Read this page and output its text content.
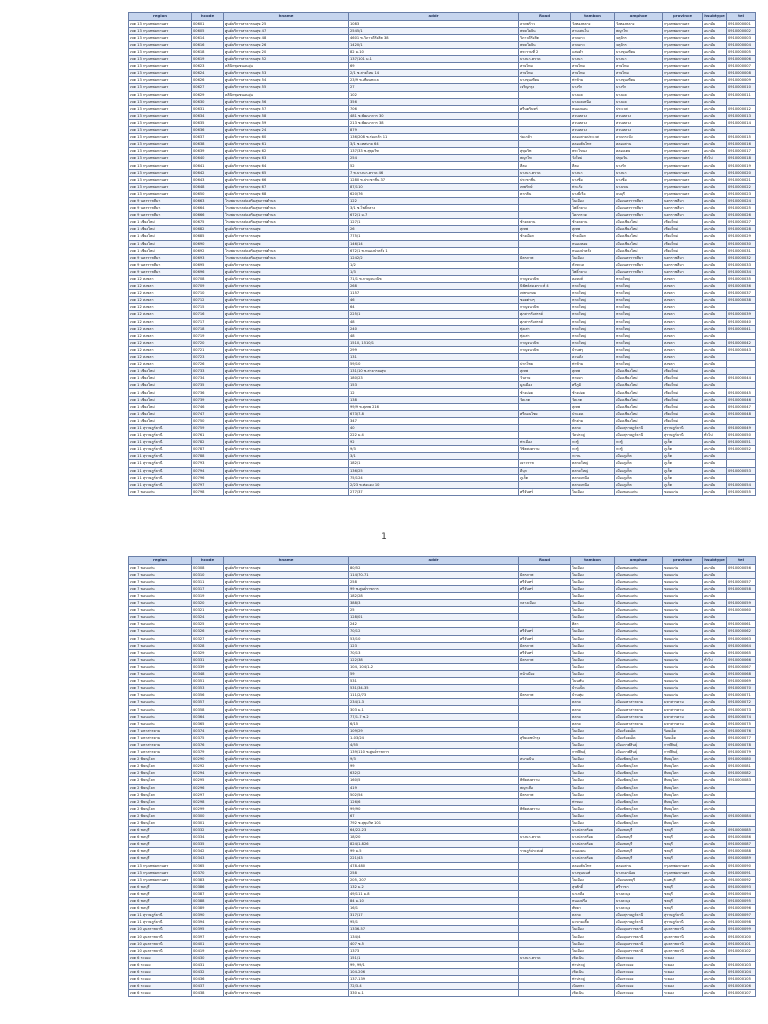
region	hcode	hname	addr	Road	tambon	amphoe	province	hsubtype	tel
เขต 13 กรุงเทพมหานคร	00601	ศูนย์บริการสาธารณสุข 25	1083	ลาดพร้าว	วังทองหลาง	วังทองหลาง	กรุงเทพมหานคร	อนามัย	0910000001
เขต 13 กรุงเทพมหานคร	00605	ศูนย์บริการสาธารณสุข 47	2545/1	พหลโยธิน	สามเสนใน	พญาไท	กรุงเทพมหานคร	อนามัย	0910000002
เขต 13 กรุงเทพมหานคร	00614	ศูนย์บริการสาธารณสุข 48	4601 ซ.วิภาวดีรังสิต 38	วิภาวดีรังสิต	ลาดยาว	จตุจักร	กรุงเทพมหานคร	อนามัย	0910000003
เขต 13 กรุงเทพมหานคร	00616	ศูนย์บริการสาธารณสุข 26	1420/1	พหลโยธิน	ลาดยาว	จตุจักร	กรุงเทพมหานคร	อนามัย	0910000004
เขต 13 กรุงเทพมหานคร	00618	ศูนย์บริการสาธารณสุข 20	82 ม.10	พระรามที่ 2	แสมดำ	บางขุนเทียน	กรุงเทพมหานคร	อนามัย	0910000005
เขต 13 กรุงเทพมหานคร	00619	ศูนย์บริการสาธารณสุข 52	137/101 ม.1	บางนา-ตราด	บางนา	บางนา	กรุงเทพมหานคร	อนามัย	0910000006
เขต 13 กรุงเทพมหานคร	00623	คลินิกชุมชนอบอุ่น	69	สายไหม	สายไหม	สายไหม	กรุงเทพมหานคร	อนามัย	0910000007
เขต 13 กรุงเทพมหานคร	00624	ศูนย์บริการสาธารณสุข 53	2/1 ซ.สายไหม 14	สายไหม	สายไหม	สายไหม	กรุงเทพมหานคร	อนามัย	0910000008
เขต 13 กรุงเทพมหานคร	00626	ศูนย์บริการสาธารณสุข 54	23/9 ซ.เทียนทะเล	บางขุนเทียน	ท่าข้าม	บางขุนเทียน	กรุงเทพมหานคร	อนามัย	0910000009
เขต 13 กรุงเทพมหานคร	00627	ศูนย์บริการสาธารณสุข 55	27	เจริญกรุง	บางรัก	บางรัก	กรุงเทพมหานคร	อนามัย	0910000010
เขต 13 กรุงเทพมหานคร	00629	คลินิกชุมชนอบอุ่น	102		บางแค	บางแค	กรุงเทพมหานคร	อนามัย	0910000011
เขต 13 กรุงเทพมหานคร	00630	ศูนย์บริการสาธารณสุข 56	356		บางแคเหนือ	บางแค	กรุงเทพมหานคร	อนามัย	
เขต 13 กรุงเทพมหานคร	00631	ศูนย์บริการสาธารณสุข 57	706	ศรีนครินทร์	หนองบอน	ประเวศ	กรุงเทพมหานคร	อนามัย	0910000012
เขต 13 กรุงเทพมหานคร	00634	ศูนย์บริการสาธารณสุข 58	481 ซ.พัฒนาการ 30		สวนหลวง	สวนหลวง	กรุงเทพมหานคร	อนามัย	0910000013
เขต 13 กรุงเทพมหานคร	00635	ศูนย์บริการสาธารณสุข 59	213 ซ.พัฒนาการ 38		สวนหลวง	สวนหลวง	กรุงเทพมหานคร	อนามัย	0910000014
เขต 13 กรุงเทพมหานคร	00636	ศูนย์บริการสาธารณสุข 24	879		สวนหลวง	สวนหลวง	กรุงเทพมหานคร	อนามัย	
เขต 13 กรุงเทพมหานคร	00637	ศูนย์บริการสาธารณสุข 60	136/208 ซ.ร่มเกล้า 11	ร่มเกล้า	คลองสามประเวศ	ลาดกระบัง	กรุงเทพมหานคร	อนามัย	0910000015
เขต 13 กรุงเทพมหานคร	00638	ศูนย์บริการสาธารณสุข 61	3/1 ซ.เทศบาล 64		คลองต้นไทร	คลองสาน	กรุงเทพมหานคร	อนามัย	0910000016
เขต 13 กรุงเทพมหานคร	00639	ศูนย์บริการสาธารณสุข 62	137/33 ซ.สุขุมวิท	สุขุมวิท	พระโขนง	คลองเตย	กรุงเทพมหานคร	อนามัย	0910000017
เขต 13 กรุงเทพมหานคร	00640	ศูนย์บริการสาธารณสุข 63	254	พญาไท	วังใหม่	ปทุมวัน	กรุงเทพมหานคร	ทั่วไป	0910000018
เขต 13 กรุงเทพมหานคร	00641	ศูนย์บริการสาธารณสุข 64	52	สีลม	สีลม	บางรัก	กรุงเทพมหานคร	อนามัย	0910000019
เขต 13 กรุงเทพมหานคร	00642	ศูนย์บริการสาธารณสุข 65	7 ซ.บางนา-ตราด 46	บางนา-ตราด	บางนา	บางนา	กรุงเทพมหานคร	อนามัย	0910000020
เขต 13 กรุงเทพมหานคร	00643	ศูนย์บริการสาธารณสุข 66	1280 ซ.ประชาชื่น 37	ประชาชื่น	บางซื่อ	บางซื่อ	กรุงเทพมหานคร	อนามัย	0910000021
เขต 13 กรุงเทพมหานคร	00648	ศูนย์บริการสาธารณสุข 67	87/110	เทพรักษ์	ท่าแร้ง	บางเขน	กรุงเทพมหานคร	อนามัย	0910000022
เขต 13 กรุงเทพมหานคร	00650	ศูนย์บริการสาธารณสุข 68	620/76	ตากสิน	บางยี่เรือ	ธนบุรี	กรุงเทพมหานคร	อนามัย	0910000023
เขต 9 นครราชสีมา	00663	โรงพยาบาลส่งเสริมสุขภาพตำบล	122		ในเมือง	เมืองนครราชสีมา	นครราชสีมา	อนามัย	0910000024
เขต 9 นครราชสีมา	00664	โรงพยาบาลส่งเสริมสุขภาพตำบล	3/1 ซ.โพธิ์กลาง		โพธิ์กลาง	เมืองนครราชสีมา	นครราชสีมา	อนามัย	0910000025
เขต 9 นครราชสีมา	00666	โรงพยาบาลส่งเสริมสุขภาพตำบล	672/1 ม.7		โคกกรวด	เมืองนครราชสีมา	นครราชสีมา	อนามัย	0910000026
เขต 1 เชียงใหม่	00675	โรงพยาบาลส่งเสริมสุขภาพตำบล	127/1	ช้างคลาน	ช้างคลาน	เมืองเชียงใหม่	เชียงใหม่	อนามัย	0910000027
เขต 1 เชียงใหม่	00682	ศูนย์บริการสาธารณสุข	26	สุเทพ	สุเทพ	เมืองเชียงใหม่	เชียงใหม่	อนามัย	0910000028
เขต 1 เชียงใหม่	00685	ศูนย์บริการสาธารณสุข	775/1	ช้างเผือก	ช้างเผือก	เมืองเชียงใหม่	เชียงใหม่	อนามัย	0910000029
เขต 1 เชียงใหม่	00690	ศูนย์บริการสาธารณสุข	146/14		หนองหอย	เมืองเชียงใหม่	เชียงใหม่	อนามัย	0910000030
เขต 1 เชียงใหม่	00692	โรงพยาบาลส่งเสริมสุขภาพตำบล	672/1 ซ.หนองป่าครั่ง 1		หนองป่าครั่ง	เมืองเชียงใหม่	เชียงใหม่	อนามัย	0910000031
เขต 9 นครราชสีมา	00693	โรงพยาบาลส่งเสริมสุขภาพตำบล	1242/2	มิตรภาพ	ในเมือง	เมืองนครราชสีมา	นครราชสีมา	อนามัย	0910000032
เขต 9 นครราชสีมา	00695	ศูนย์บริการสาธารณสุข	1/2		หัวทะเล	เมืองนครราชสีมา	นครราชสีมา	อนามัย	0910000033
เขต 9 นครราชสีมา	00696	ศูนย์บริการสาธารณสุข	1/3		โพธิ์กลาง	เมืองนครราชสีมา	นครราชสีมา	อนามัย	0910000034
เขต 12 สงขลา	00708	ศูนย์บริการสาธารณสุข	71/1 ซ.กาญจนวนิช	กาญจนวนิช	คอหงส์	หาดใหญ่	สงขลา	อนามัย	0910000035
เขต 12 สงขลา	00709	ศูนย์บริการสาธารณสุข	268	นิพัทธ์สงเคราะห์ 4	หาดใหญ่	หาดใหญ่	สงขลา	อนามัย	0910000036
เขต 12 สงขลา	00710	ศูนย์บริการสาธารณสุข	1157	เพชรเกษม	หาดใหญ่	หาดใหญ่	สงขลา	อนามัย	0910000037
เขต 12 สงขลา	00712	ศูนย์บริการสาธารณสุข	46	ซอยต่างๆ	หาดใหญ่	หาดใหญ่	สงขลา	อนามัย	0910000038
เขต 12 สงขลา	00715	ศูนย์บริการสาธารณสุข	64	กาญจนวนิช	หาดใหญ่	หาดใหญ่	สงขลา	อนามัย	
เขต 12 สงขลา	00716	ศูนย์บริการสาธารณสุข	225/1	ศุภสารรังสรรค์	หาดใหญ่	หาดใหญ่	สงขลา	อนามัย	0910000039
เขต 12 สงขลา	00717	ศูนย์บริการสาธารณสุข	48	ศุภสารรังสรรค์	หาดใหญ่	หาดใหญ่	สงขลา	อนามัย	0910000040
เขต 12 สงขลา	00718	ศูนย์บริการสาธารณสุข	240	ทุ่งเสา	หาดใหญ่	หาดใหญ่	สงขลา	อนามัย	0910000041
เขต 12 สงขลา	00719	ศูนย์บริการสาธารณสุข	48	ทุ่งเสา	หาดใหญ่	หาดใหญ่	สงขลา	อนามัย	
เขต 12 สงขลา	00720	ศูนย์บริการสาธารณสุข	1510, 1510/1	กาญจนวนิช	หาดใหญ่	หาดใหญ่	สงขลา	อนามัย	0910000042
เขต 12 สงขลา	00721	ศูนย์บริการสาธารณสุข	299	กาญจนวนิช	บ้านพรุ	หาดใหญ่	สงขลา	อนามัย	0910000043
เขต 12 สงขลา	00723	ศูนย์บริการสาธารณสุข	131		ควนลัง	หาดใหญ่	สงขลา	อนามัย	
เขต 12 สงขลา	00726	ศูนย์บริการสาธารณสุข	59/10	ปากโซย	ท่าข้าม	หาดใหญ่	สงขลา	อนามัย	
เขต 1 เชียงใหม่	00733	ศูนย์บริการสาธารณสุข	131/10 ซ.สาธารณสุข	สุเทพ	สุเทพ	เมืองเชียงใหม่	เชียงใหม่	อนามัย	
เขต 1 เชียงใหม่	00734	ศูนย์บริการสาธารณสุข	180/23	วัวลาย	หายยา	เมืองเชียงใหม่	เชียงใหม่	อนามัย	0910000044
เขต 1 เชียงใหม่	00735	ศูนย์บริการสาธารณสุข	153	มูลเมือง	ศรีภูมิ	เมืองเชียงใหม่	เชียงใหม่	อนามัย	
เขต 1 เชียงใหม่	00736	ศูนย์บริการสาธารณสุข	12	ช้างม่อย	ช้างม่อย	เมืองเชียงใหม่	เชียงใหม่	อนามัย	0910000045
เขต 1 เชียงใหม่	00739	ศูนย์บริการสาธารณสุข	138	วัดเกต	วัดเกต	เมืองเชียงใหม่	เชียงใหม่	อนามัย	0910000046
เขต 1 เชียงใหม่	00746	ศูนย์บริการสาธารณสุข	99/9 ซ.สุเทพ 216		สุเทพ	เมืองเชียงใหม่	เชียงใหม่	อนามัย	0910000047
เขต 1 เชียงใหม่	00747	ศูนย์บริการสาธารณสุข	673/7-8	ศรีดอนไชย	ป่าแดด	เมืองเชียงใหม่	เชียงใหม่	อนามัย	0910000048
เขต 1 เชียงใหม่	00750	ศูนย์บริการสาธารณสุข	347		ฟ้าฮ่าม	เมืองเชียงใหม่	เชียงใหม่	อนามัย	
เขต 11 สุราษฎร์ธานี	00759	ศูนย์บริการสาธารณสุข	40		ตลาด	เมืองสุราษฎร์ธานี	สุราษฎร์ธานี	อนามัย	0910000049
เขต 11 สุราษฎร์ธานี	00761	ศูนย์บริการสาธารณสุข	222 ม.4		วัดประดู่	เมืองสุราษฎร์ธานี	สุราษฎร์ธานี	ทั่วไป	0910000050
เขต 11 สุราษฎร์ธานี	00782	ศูนย์บริการสาธารณสุข	92	ท่าเมือง	กะทู้	กะทู้	ภูเก็ต	อนามัย	0910000051
เขต 11 สุราษฎร์ธานี	00787	ศูนย์บริการสาธารณสุข	9/3	วิชิตสงคราม	กะทู้	กะทู้	ภูเก็ต	อนามัย	0910000052
เขต 11 สุราษฎร์ธานี	00788	ศูนย์บริการสาธารณสุข	3/1		กะรน	เมืองภูเก็ต	ภูเก็ต	อนามัย	
เขต 11 สุราษฎร์ธานี	00793	ศูนย์บริการสาธารณสุข	182/1	เยาวราช	ตลาดใหญ่	เมืองภูเก็ต	ภูเก็ต	อนามัย	
เขต 11 สุราษฎร์ธานี	00794	ศูนย์บริการสาธารณสุข	136/25	ดีบุก	ตลาดใหญ่	เมืองภูเก็ต	ภูเก็ต	อนามัย	0910000053
เขต 11 สุราษฎร์ธานี	00796	ศูนย์บริการสาธารณสุข	75/124	ภูเก็ต	ตลาดเหนือ	เมืองภูเก็ต	ภูเก็ต	อนามัย	
เขต 11 สุราษฎร์ธานี	00797	ศูนย์บริการสาธารณสุข	2/23 ซ.ท่อแดง 10		ตลาดเหนือ	เมืองภูเก็ต	ภูเก็ต	อนามัย	0910000054
เขต 7 ขอนแก่น	00798	ศูนย์บริการสาธารณสุข	277/37	ศรีจันทร์	ในเมือง	เมืองขอนแก่น	ขอนแก่น	อนามัย	0910000055
1
region	hcode	hname	addr	Road	tambon	amphoe	province	hsubtype	tel
เขต 7 ขอนแก่น	00308	ศูนย์บริการสาธารณสุข	80/52		ในเมือง	เมืองขอนแก่น	ขอนแก่น	อนามัย	0910000056
เขต 7 ขอนแก่น	00310	ศูนย์บริการสาธารณสุข	114/70-71	มิตรภาพ	ในเมือง	เมืองขอนแก่น	ขอนแก่น	อนามัย	
เขต 7 ขอนแก่น	00311	ศูนย์บริการสาธารณสุข	258	ศรีจันทร์	ในเมือง	เมืองขอนแก่น	ขอนแก่น	อนามัย	0910000057
เขต 7 ขอนแก่น	00317	ศูนย์บริการสาธารณสุข	99 ซ.ศูนย์ราชการ	ศรีจันทร์	ในเมือง	เมืองขอนแก่น	ขอนแก่น	อนามัย	0910000058
เขต 7 ขอนแก่น	00319	ศูนย์บริการสาธารณสุข	182/28		ในเมือง	เมืองขอนแก่น	ขอนแก่น	อนามัย	
เขต 7 ขอนแก่น	00320	ศูนย์บริการสาธารณสุข	388/3	กลางเมือง	ในเมือง	เมืองขอนแก่น	ขอนแก่น	อนามัย	0910000059
เขต 7 ขอนแก่น	00321	ศูนย์บริการสาธารณสุข	25		ในเมือง	เมืองขอนแก่น	ขอนแก่น	อนามัย	0910000060
เขต 7 ขอนแก่น	00324	ศูนย์บริการสาธารณสุข	128/01		ในเมือง	เมืองขอนแก่น	ขอนแก่น	อนามัย	
เขต 7 ขอนแก่น	00325	ศูนย์บริการสาธารณสุข	242		ศิลา	เมืองขอนแก่น	ขอนแก่น	อนามัย	0910000061
เขต 7 ขอนแก่น	00326	ศูนย์บริการสาธารณสุข	70/12	ศรีจันทร์	ในเมือง	เมืองขอนแก่น	ขอนแก่น	อนามัย	0910000062
เขต 7 ขอนแก่น	00327	ศูนย์บริการสาธารณสุข	53/10	ศรีจันทร์	ในเมือง	เมืองขอนแก่น	ขอนแก่น	อนามัย	0910000063
เขต 7 ขอนแก่น	00328	ศูนย์บริการสาธารณสุข	123	มิตรภาพ	ในเมือง	เมืองขอนแก่น	ขอนแก่น	อนามัย	0910000064
เขต 7 ขอนแก่น	00329	ศูนย์บริการสาธารณสุข	70/13	ศรีจันทร์	ในเมือง	เมืองขอนแก่น	ขอนแก่น	อนามัย	0910000065
เขต 7 ขอนแก่น	00331	ศูนย์บริการสาธารณสุข	122/38	มิตรภาพ	ในเมือง	เมืองขอนแก่น	ขอนแก่น	ทั่วไป	0910000066
เขต 7 ขอนแก่น	00339	ศูนย์บริการสาธารณสุข	104, 104/1-2		ในเมือง	เมืองขอนแก่น	ขอนแก่น	อนามัย	0910000067
เขต 7 ขอนแก่น	00348	ศูนย์บริการสาธารณสุข	59	หน้าเมือง	ในเมือง	เมืองขอนแก่น	ขอนแก่น	อนามัย	0910000068
เขต 7 ขอนแก่น	00351	ศูนย์บริการสาธารณสุข	531		โนนทัน	เมืองขอนแก่น	ขอนแก่น	อนามัย	0910000069
เขต 7 ขอนแก่น	00353	ศูนย์บริการสาธารณสุข	531/34-35		บ้านเป็ด	เมืองขอนแก่น	ขอนแก่น	อนามัย	0910000070
เขต 7 ขอนแก่น	00356	ศูนย์บริการสาธารณสุข	111/2/73	มิตรภาพ	บ้านทุ่ม	เมืองขอนแก่น	ขอนแก่น	อนามัย	0910000071
เขต 7 ขอนแก่น	00357	ศูนย์บริการสาธารณสุข	234/1-3		ตลาด	เมืองมหาสารคาม	มหาสารคาม	อนามัย	0910000072
เขต 7 ขอนแก่น	00358	ศูนย์บริการสาธารณสุข	303 ม.1		ตลาด	เมืองมหาสารคาม	มหาสารคาม	อนามัย	0910000073
เขต 7 ขอนแก่น	00364	ศูนย์บริการสาธารณสุข	77/1-7 ซ.2		ตลาด	เมืองมหาสารคาม	มหาสารคาม	อนามัย	0910000074
เขต 7 ขอนแก่น	00365	ศูนย์บริการสาธารณสุข	6/15		ตลาด	เมืองมหาสารคาม	มหาสารคาม	อนามัย	0910000075
เขต 7 มหาสารคาม	00374	ศูนย์บริการสาธารณสุข	109/29		ในเมือง	เมืองร้อยเอ็ด	ร้อยเอ็ด	อนามัย	0910000076
เขต 7 มหาสารคาม	00375	ศูนย์บริการสาธารณสุข	1-03/24	สุริยเดชบำรุง	ในเมือง	เมืองร้อยเอ็ด	ร้อยเอ็ด	อนามัย	0910000077
เขต 7 มหาสารคาม	00376	ศูนย์บริการสาธารณสุข	4/55		ในเมือง	เมืองกาฬสินธุ์	กาฬสินธุ์	อนามัย	0910000078
เขต 7 มหาสารคาม	00379	ศูนย์บริการสาธารณสุข	139/110 ซ.ศูนย์ราชการ		กาฬสินธุ์	เมืองกาฬสินธุ์	กาฬสินธุ์	อนามัย	0910000079
เขต 2 พิษณุโลก	00290	ศูนย์บริการสาธารณสุข	9/3	สนามบิน	ในเมือง	เมืองพิษณุโลก	พิษณุโลก	อนามัย	0910000080
เขต 2 พิษณุโลก	00292	ศูนย์บริการสาธารณสุข	99		ในเมือง	เมืองพิษณุโลก	พิษณุโลก	อนามัย	0910000081
เขต 2 พิษณุโลก	00294	ศูนย์บริการสาธารณสุข	632/2		ในเมือง	เมืองพิษณุโลก	พิษณุโลก	อนามัย	0910000082
เขต 2 พิษณุโลก	00295	ศูนย์บริการสาธารณสุข	160/5	พิชัยสงคราม	ในเมือง	เมืองพิษณุโลก	พิษณุโลก	อนามัย	0910000083
เขต 2 พิษณุโลก	00296	ศูนย์บริการสาธารณสุข	419	พญาเสือ	ในเมือง	เมืองพิษณุโลก	พิษณุโลก	อนามัย	
เขต 2 พิษณุโลก	00297	ศูนย์บริการสาธารณสุข	502/54	มิตรภาพ	ในเมือง	เมืองพิษณุโลก	พิษณุโลก	อนามัย	
เขต 2 พิษณุโลก	00298	ศูนย์บริการสาธารณสุข	126/6		ท่าทอง	เมืองพิษณุโลก	พิษณุโลก	อนามัย	
เขต 2 พิษณุโลก	00299	ศูนย์บริการสาธารณสุข	99/90	พิชัยสงคราม	ในเมือง	เมืองพิษณุโลก	พิษณุโลก	อนามัย	
เขต 2 พิษณุโลก	00300	ศูนย์บริการสาธารณสุข	67		ในเมือง	เมืองพิษณุโลก	พิษณุโลก	อนามัย	0910000084
เขต 2 พิษณุโลก	00301	ศูนย์บริการสาธารณสุข	792 ซ.สุขุมวิท 101		ในเมือง	เมืองพิษณุโลก	พิษณุโลก	อนามัย	
เขต 6 ชลบุรี	00332	ศูนย์บริการสาธารณสุข	64/22-23		บางปลาสร้อย	เมืองชลบุรี	ชลบุรี	อนามัย	0910000085
เขต 6 ชลบุรี	00334	ศูนย์บริการสาธารณสุข	18/20	บางนา-ตราด	บางปลาสร้อย	เมืองชลบุรี	ชลบุรี	อนามัย	0910000086
เขต 6 ชลบุรี	00335	ศูนย์บริการสาธารณสุข	824/1-826		บางปลาสร้อย	เมืองชลบุรี	ชลบุรี	อนามัย	0910000087
เขต 6 ชลบุรี	00342	ศูนย์บริการสาธารณสุข	99 ม.5	ราษฎร์ประสงค์	หนองมน	เมืองชลบุรี	ชลบุรี	อนามัย	0910000088
เขต 6 ชลบุรี	00343	ศูนย์บริการสาธารณสุข	221/43		บางปลาสร้อย	เมืองชลบุรี	ชลบุรี	อนามัย	0910000089
เขต 13 กรุงเทพมหานคร	00365	ศูนย์บริการสาธารณสุข	478-480		คลองต้นไทร	คลองสาน	กรุงเทพมหานคร	อนามัย	0910000090
เขต 13 กรุงเทพมหานคร	00370	ศูนย์บริการสาธารณสุข	258		บางขุนนนท์	บางกอกน้อย	กรุงเทพมหานคร	อนามัย	0910000091
เขต 13 กรุงเทพมหานคร	00383	ศูนย์บริการสาธารณสุข	205, 207		ในเมือง	เมืองนนทบุรี	นนทบุรี	อนามัย	0910000092
เขต 6 ชลบุรี	00386	ศูนย์บริการสาธารณสุข	132 ม.2		สุรศักดิ์	ศรีราชา	ชลบุรี	อนามัย	0910000093
เขต 6 ชลบุรี	00387	ศูนย์บริการสาธารณสุข	49/111 ม.8		นาเกลือ	บางละมุง	ชลบุรี	อนามัย	0910000094
เขต 6 ชลบุรี	00388	ศูนย์บริการสาธารณสุข	84 ม.10		หนองปรือ	บางละมุง	ชลบุรี	อนามัย	0910000095
เขต 6 ชลบุรี	00389	ศูนย์บริการสาธารณสุข	16/1		พัทยา	บางละมุง	ชลบุรี	อนามัย	0910000096
เขต 11 สุราษฎร์ธานี	00390	ศูนย์บริการสาธารณสุข	317/17		ตลาด	เมืองสุราษฎร์ธานี	สุราษฎร์ธานี	อนามัย	0910000097
เขต 11 สุราษฎร์ธานี	00394	ศูนย์บริการสาธารณสุข	95/1		มะขามเตี้ย	เมืองสุราษฎร์ธานี	สุราษฎร์ธานี	อนามัย	0910000098
เขต 10 อุบลราชธานี	00395	ศูนย์บริการสาธารณสุข	1336-57		ในเมือง	เมืองอุบลราชธานี	อุบลราชธานี	อนามัย	0910000099
เขต 10 อุบลราชธานี	00397	ศูนย์บริการสาธารณสุข	134/4		ในเมือง	เมืองอุบลราชธานี	อุบลราชธานี	อนามัย	0910000100
เขต 10 อุบลราชธานี	00401	ศูนย์บริการสาธารณสุข	407 ซ.5		ในเมือง	เมืองอุบลราชธานี	อุบลราชธานี	อนามัย	0910000101
เขต 10 อุบลราชธานี	00419	ศูนย์บริการสาธารณสุข	1373		ในเมือง	เมืองอุบลราชธานี	อุบลราชธานี	อนามัย	0910000102
เขต 6 ระยอง	00430	ศูนย์บริการสาธารณสุข	151/1	บางนา-ตราด	เชิงเนิน	เมืองระยอง	ระยอง	อนามัย	
เขต 6 ระยอง	00431	ศูนย์บริการสาธารณสุข	99, 99/1		ท่าประดู่	เมืองระยอง	ระยอง	อนามัย	0910000103
เขต 6 ระยอง	00432	ศูนย์บริการสาธารณสุข	104-206		เชิงเนิน	เมืองระยอง	ระยอง	อนามัย	0910000104
เขต 6 ระยอง	00436	ศูนย์บริการสาธารณสุข	137-139		ท่าประดู่	เมืองระยอง	ระยอง	อนามัย	0910000105
เขต 6 ระยอง	00437	ศูนย์บริการสาธารณสุข	72/3-4		เนินพระ	เมืองระยอง	ระยอง	อนามัย	0910000106
เขต 6 ระยอง	00438	ศูนย์บริการสาธารณสุข	330 ม.1		เชิงเนิน	เมืองระยอง	ระยอง	อนามัย	0910000107
